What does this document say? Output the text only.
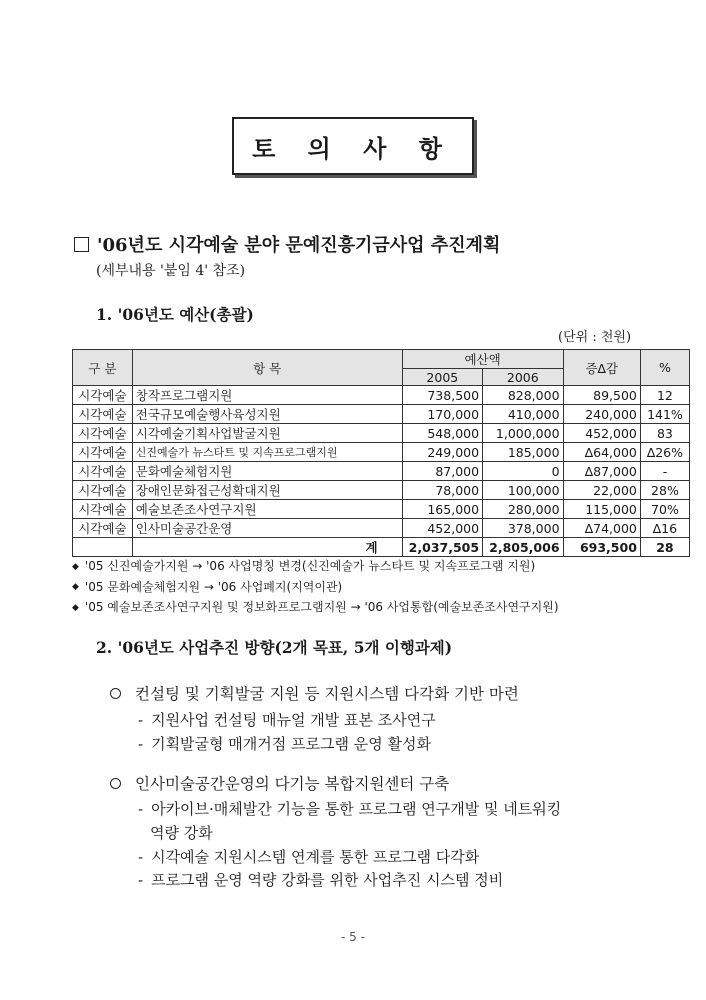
토 의 사 항
'06년도 시각예술 분야 문예진흥기금사업 추진계획
(세부내용 '붙임 4' 참조)
1. '06년도 예산(총괄)
(단위 : 천원)
구 분	항 목	예산액		증∆감	%
		2005	2006		
시각예술	창작프로그램지원	738,500	828,000	89,500	12
시각예술	전국규모예술행사육성지원	170,000	410,000	240,000	141%
시각예술	시각예술기획사업발굴지원	548,000	1,000,000	452,000	83
시각예술	신진예술가 뉴스타트 및 지속프로그램지원	249,000	185,000	∆64,000	∆26%
시각예술	문화예술체험지원	87,000	0	∆87,000	-
시각예술	장애인문화접근성확대지원	78,000	100,000	22,000	28%
시각예술	예술보존조사연구지원	165,000	280,000	115,000	70%
시각예술	인사미술공간운영	452,000	378,000	∆74,000	∆16
	계	2,037,505	2,805,006	693,500	28
◆ '05 신진예술가지원 → '06 사업명칭 변경(신진예술가 뉴스타트 및 지속프로그램 지원)
◆ '05 문화예술체험지원 → '06 사업폐지(지역이관)
◆ '05 예술보존조사연구지원 및 정보화프로그램지원 → '06 사업통합(예술보존조사연구지원)
2. '06년도 사업추진 방향(2개 목표, 5개 이행과제)
컨설팅 및 기획발굴 지원 등 지원시스템 다각화 기반 마련
- 지원사업 컨설팅 매뉴얼 개발 표본 조사연구
- 기획발굴형 매개거점 프로그램 운영 활성화
인사미술공간운영의 다기능 복합지원센터 구축
- 아카이브·매체발간 기능을 통한 프로그램 연구개발 및 네트워킹
역량 강화
- 시각예술 지원시스템 연계를 통한 프로그램 다각화
- 프로그램 운영 역량 강화를 위한 사업추진 시스템 정비
- 5 -
